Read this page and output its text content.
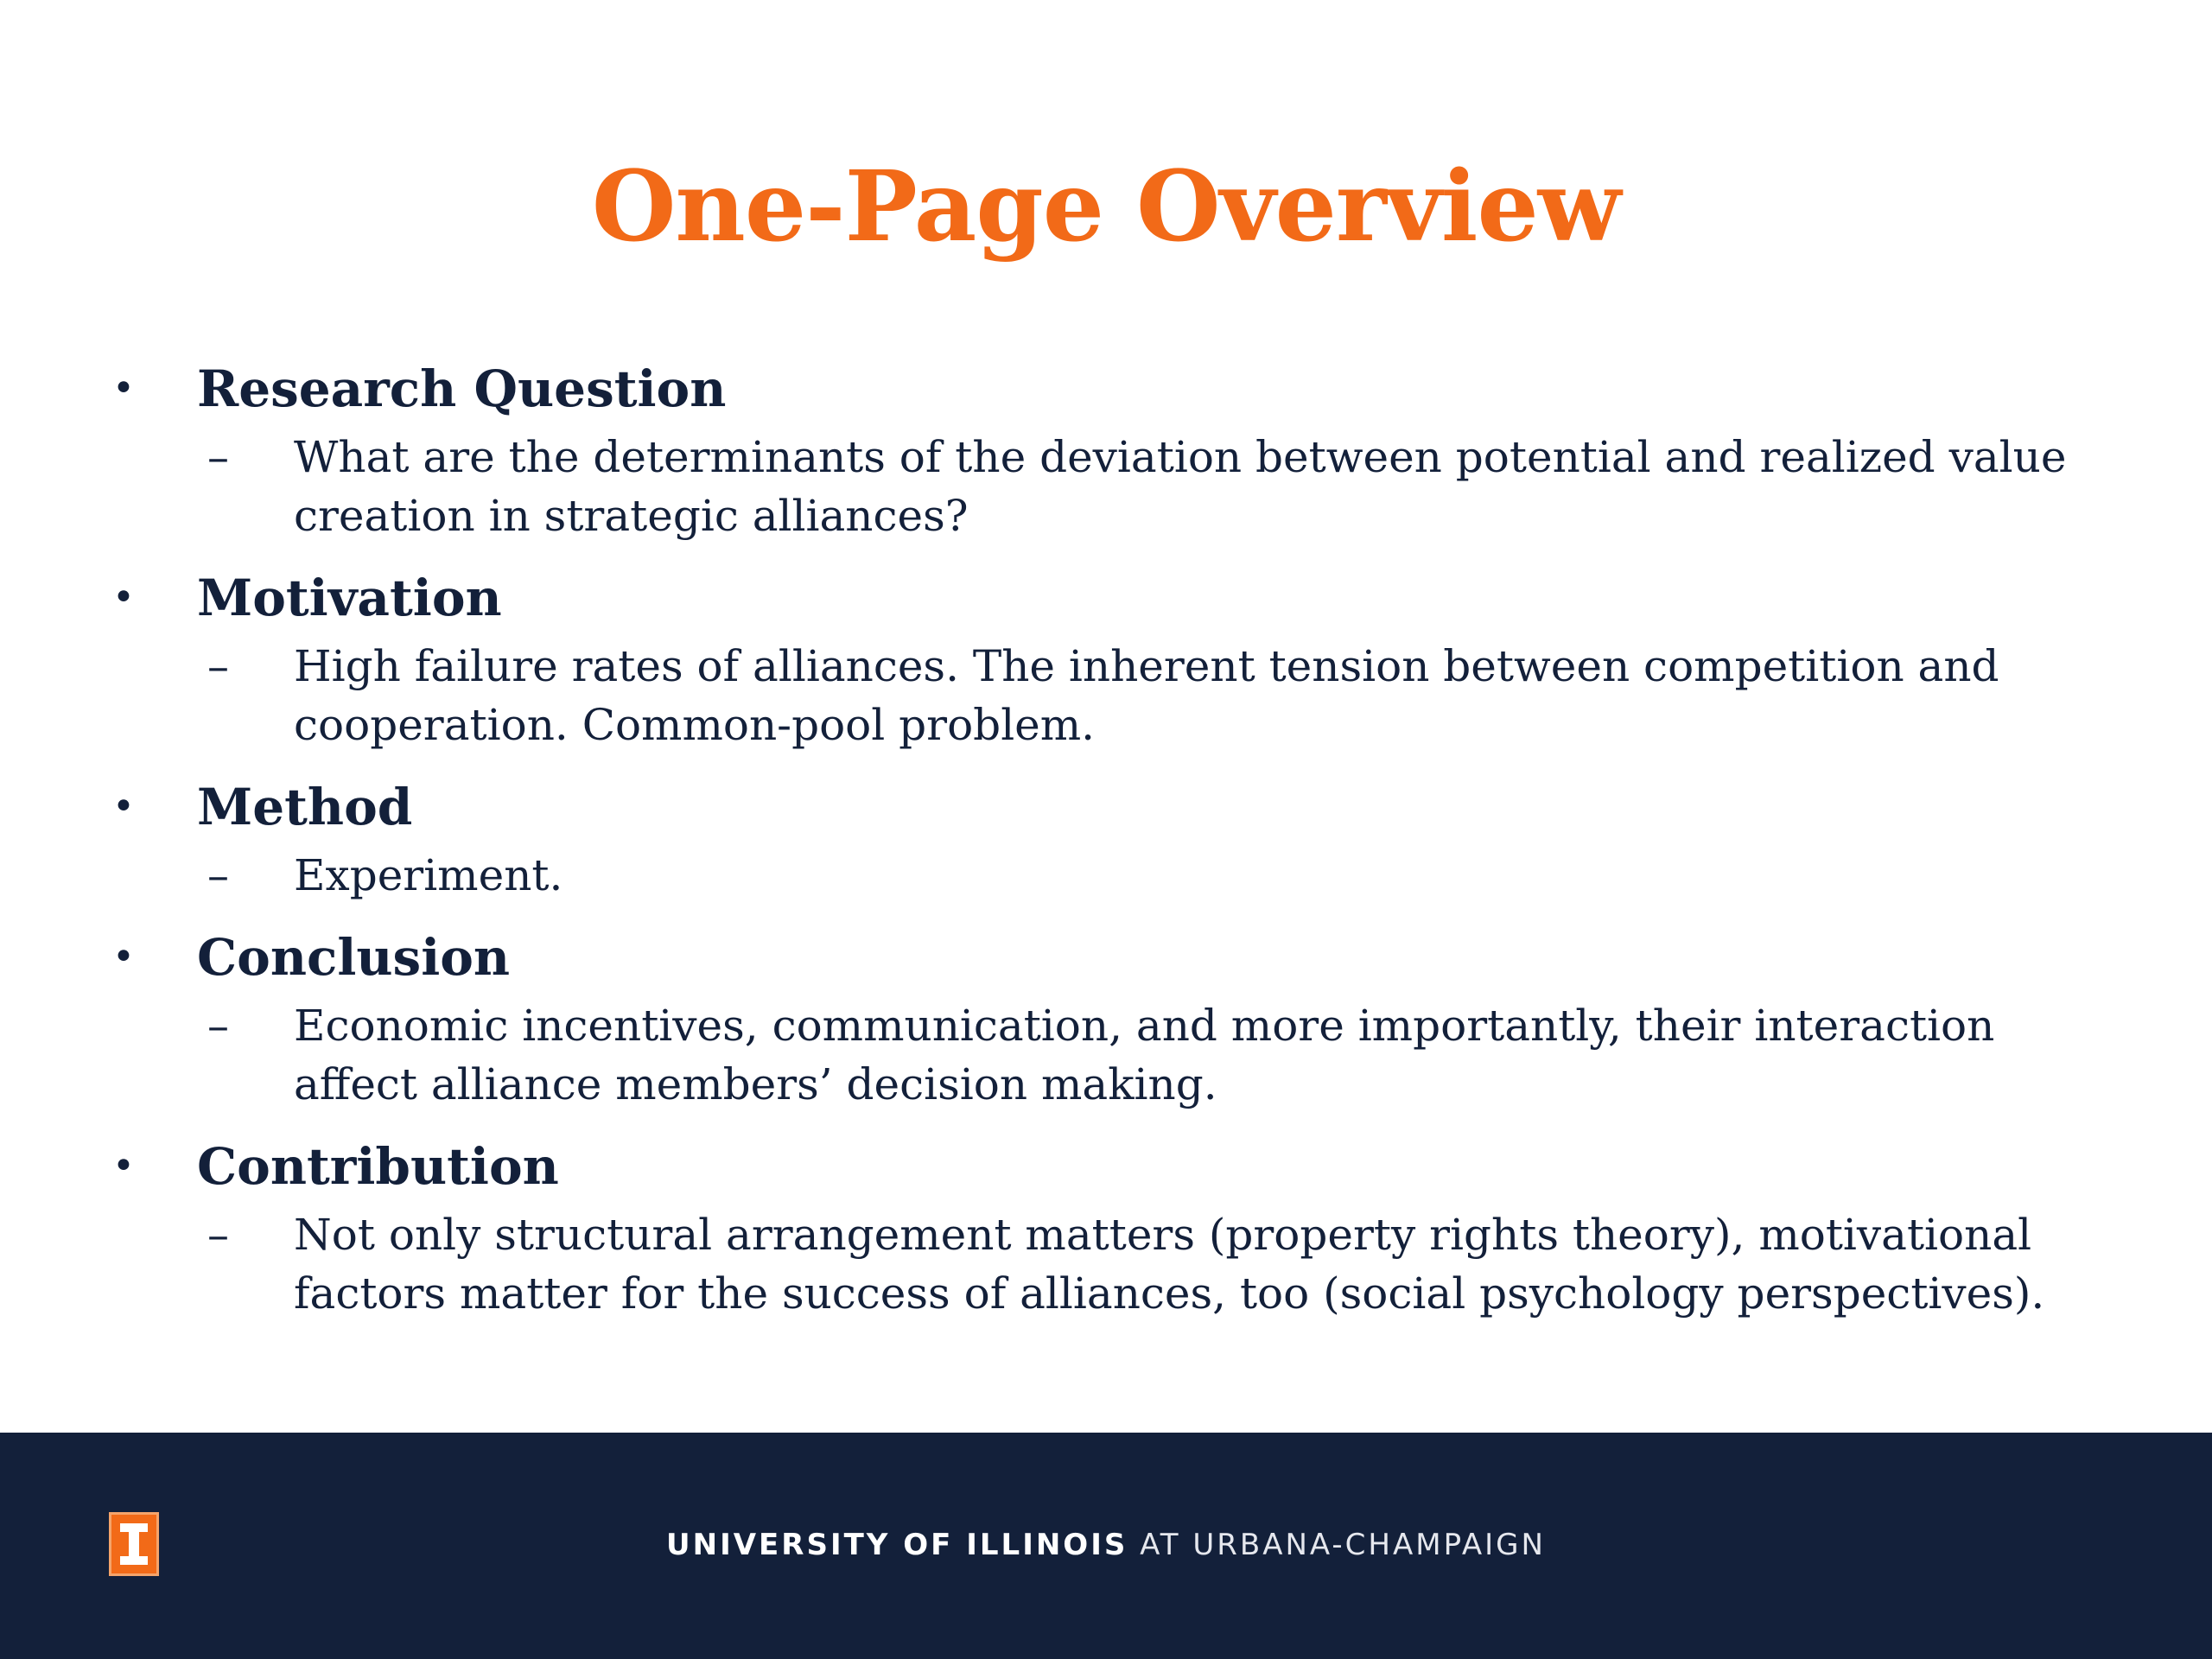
One-Page Overview
• Research Question
– What are the determinants of the deviation between potential and realized value creation in strategic alliances?
• Motivation
– High failure rates of alliances. The inherent tension between competition and cooperation. Common-pool problem.
• Method
– Experiment.
• Conclusion
– Economic incentives, communication, and more importantly, their interaction affect alliance members’ decision making.
• Contribution
– Not only structural arrangement matters (property rights theory), motivational factors matter for the success of alliances, too (social psychology perspectives).
UNIVERSITY OF ILLINOIS AT URBANA-CHAMPAIGN
